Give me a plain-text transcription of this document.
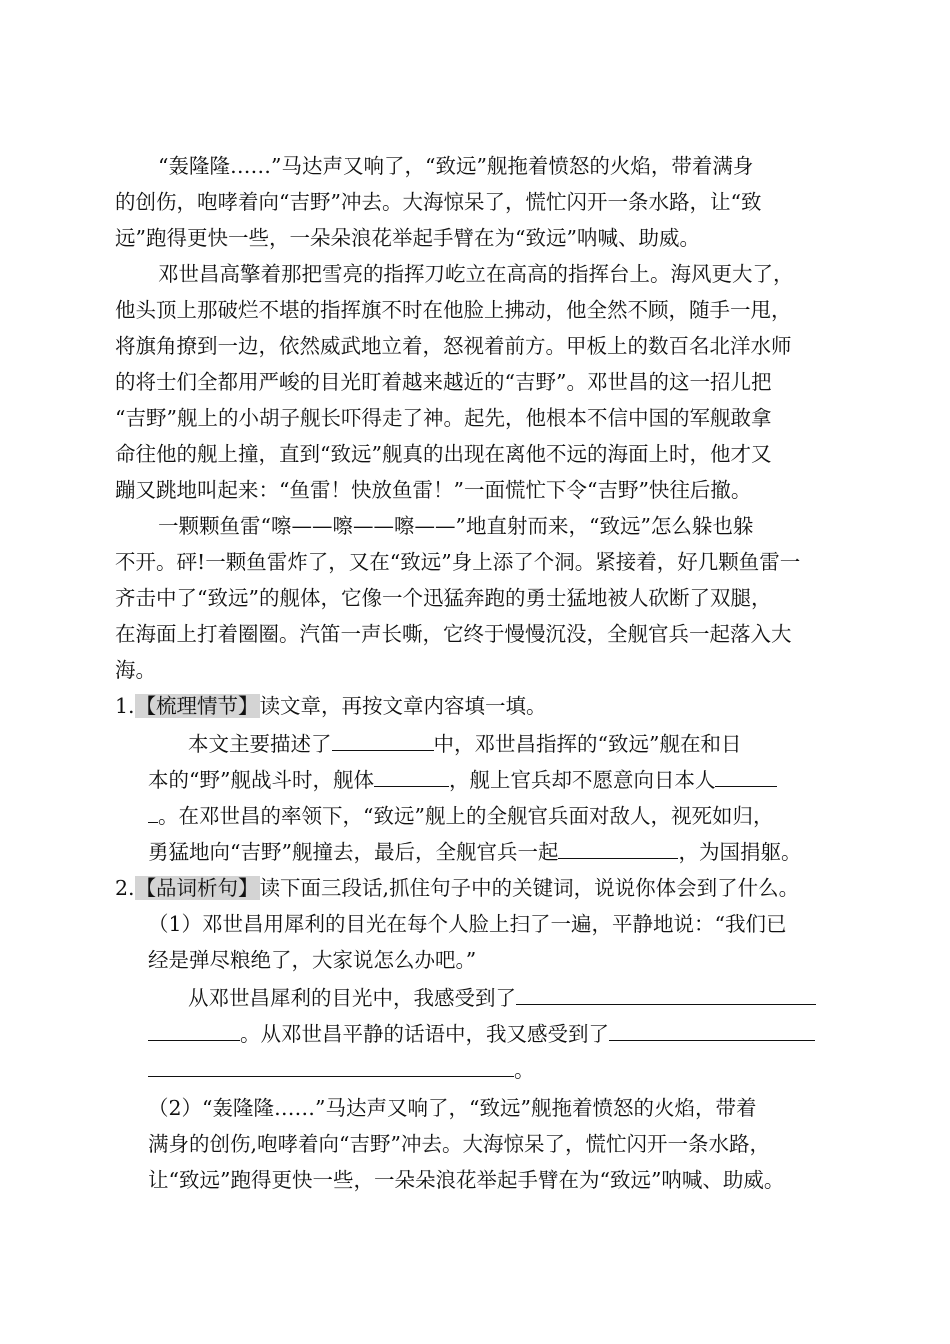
“轰隆隆……”马达声又响了，“致远”舰拖着愤怒的火焰，带着满身
的创伤，咆哮着向“吉野”冲去。大海惊呆了，慌忙闪开一条水路，让“致
远”跑得更快一些，一朵朵浪花举起手臂在为“致远”呐喊、助威。
邓世昌高擎着那把雪亮的指挥刀屹立在高高的指挥台上。海风更大了，
他头顶上那破烂不堪的指挥旗不时在他脸上拂动，他全然不顾，随手一甩，
将旗角撩到一边，依然威武地立着，怒视着前方。甲板上的数百名北洋水师
的将士们全都用严峻的目光盯着越来越近的“吉野”。邓世昌的这一招儿把
“吉野”舰上的小胡子舰长吓得走了神。起先，他根本不信中国的军舰敢拿
命往他的舰上撞，直到“致远”舰真的出现在离他不远的海面上时，他才又
蹦又跳地叫起来：“鱼雷！快放鱼雷！”一面慌忙下令“吉野”快往后撤。
一颗颗鱼雷“嚓——嚓——嚓——”地直射而来，“致远”怎么躲也躲
不开。砰!一颗鱼雷炸了，又在“致远”身上添了个洞。紧接着，好几颗鱼雷一
齐击中了“致远”的舰体，它像一个迅猛奔跑的勇士猛地被人砍断了双腿，
在海面上打着圈圈。汽笛一声长嘶，它终于慢慢沉没，全舰官兵一起落入大
海。
1.【梳理情节】读文章，再按文章内容填一填。
本文主要描述了	中，邓世昌指挥的“致远”舰在和日
本的“野”舰战斗时，舰体	，舰上官兵却不愿意向日本人
。在邓世昌的率领下，“致远”舰上的全舰官兵面对敌人，视死如归，
勇猛地向“吉野”舰撞去，最后，全舰官兵一起	，为国捐躯。
2.【品词析句】读下面三段话,抓住句子中的关键词，说说你体会到了什么。
（1）邓世昌用犀利的目光在每个人脸上扫了一遍，平静地说：“我们已
经是弹尽粮绝了，大家说怎么办吧。”
从邓世昌犀利的目光中，我感受到了
。从邓世昌平静的话语中，我又感受到了
。
（2）“轰隆隆……”马达声又响了，“致远”舰拖着愤怒的火焰，带着
满身的创伤,咆哮着向“吉野”冲去。大海惊呆了，慌忙闪开一条水路，
让“致远”跑得更快一些，一朵朵浪花举起手臂在为“致远”呐喊、助威。
